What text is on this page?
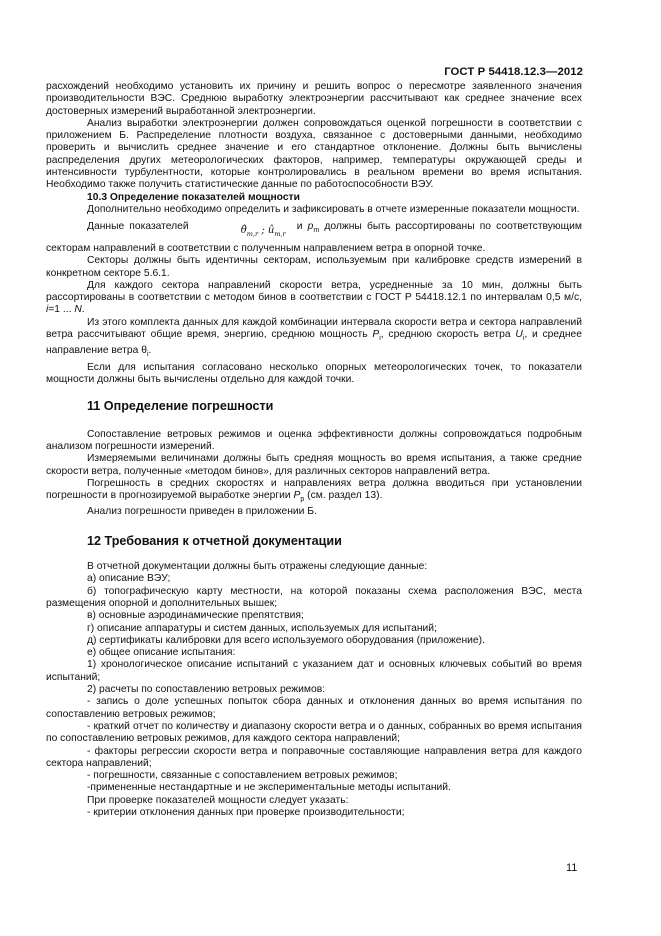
ГОСТ Р 54418.12.3—2012

расхождений необходимо установить их причину и решить вопрос о пересмотре заявленного значения производительности ВЭС. Среднюю выработку электроэнергии рассчитывают как среднее значение всех достоверных измерений выработанной электроэнергии.

Анализ выработки электроэнергии должен сопровождаться оценкой погрешности в соответствии с приложением Б. Распределение плотности воздуха, связанное с достоверными данными, необходимо проверить и вычислить среднее значение и его стандартное отклонение. Должны быть вычислены распределения других метеорологических факторов, например, температуры окружающей среды и интенсивности турбулентности, которые контролировались в реальном времени во время испытания. Необходимо также получить статистические данные по работоспособности ВЭУ.

10.3 Определение показателей мощности

Дополнительно необходимо определить и зафиксировать в отчете измеренные показатели мощности.

Данные показателей	$\thetâ_{m,r}$ ; $û_{m,r}$ и $p_m$ должны быть рассортированы по соответствующим секторам направлений в соответствии с полученным направлением ветра в опорной точке.

Секторы должны быть идентичны секторам, используемым при калибровке средств измерений в конкретном секторе 5.6.1.

Для каждого сектора направлений скорости ветра, усредненные за 10 мин, должны быть рассортированы в соответствии с методом бинов в соответствии с ГОСТ Р 54418.12.1 по интервалам 0,5 м/с, i=1 ... N.

Из этого комплекта данных для каждой комбинации интервала скорости ветра и сектора направлений ветра рассчитывают общие время, энергию, среднюю мощность $P_i$, среднюю скорость ветра $U_i$, и среднее направление ветра $\theta_i$.

Если для испытания согласовано несколько опорных метеорологических точек, то показатели мощности должны быть вычислены отдельно для каждой точки.

11 Определение погрешности

Сопоставление ветровых режимов и оценка эффективности должны сопровождаться подробным анализом погрешности измерений.

Измеряемыми величинами должны быть средняя мощность во время испытания, а также средние скорости ветра, полученные «методом бинов», для различных секторов направлений ветра.

Погрешность в средних скоростях и направлениях ветра должна вводиться при установлении погрешности в прогнозируемой выработке энергии $P_p$ (см. раздел 13).

Анализ погрешности приведен в приложении Б.

12 Требования к отчетной документации

В отчетной документации должны быть отражены следующие данные:

а) описание ВЭУ;

б) топографическую карту местности, на которой показаны схема расположения ВЭС, места размещения опорной и дополнительных вышек;

в) основные аэродинамические препятствия;

г) описание аппаратуры и систем данных, используемых для испытаний;

д) сертификаты калибровки для всего используемого оборудования (приложение).

е) общее описание испытания:

1) хронологическое описание испытаний с указанием дат и основных ключевых событий во время испытаний;

2) расчеты по сопоставлению ветровых режимов:

- запись о доле успешных попыток сбора данных и отклонения данных во время испытания по сопоставлению ветровых режимов;

- краткий отчет по количеству и диапазону скорости ветра и о данных, собранных во время испытания по сопоставлению ветровых режимов, для каждого сектора направлений;

- факторы регрессии скорости ветра и поправочные составляющие направления ветра для каждого сектора направлений;

- погрешности, связанные с сопоставлением ветровых режимов;

-примененные нестандартные и не экспериментальные методы испытаний.

При проверке показателей мощности следует указать:

- критерии отклонения данных при проверке производительности;

11
